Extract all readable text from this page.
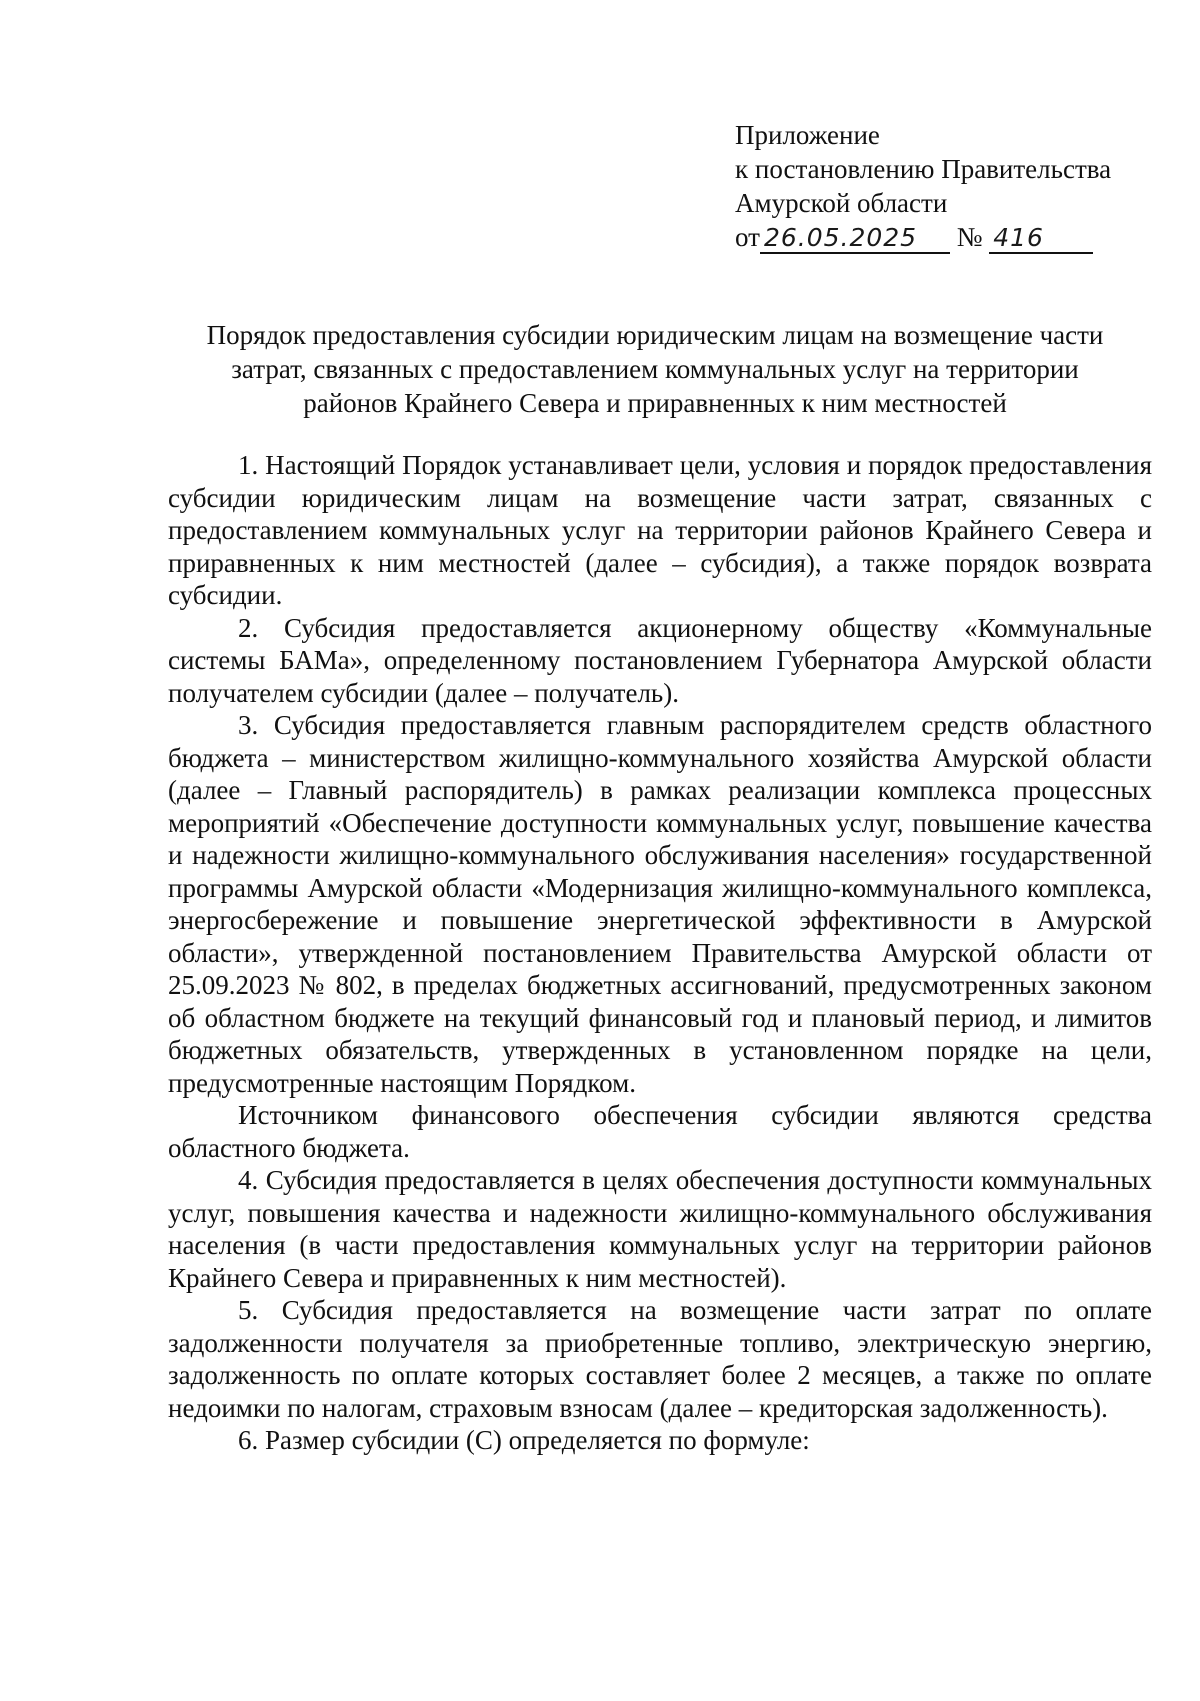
Приложение
к постановлению Правительства
Амурской области
от 26.05.2025 № 416
Порядок предоставления субсидии юридическим лицам на возмещение части
затрат, связанных с предоставлением коммунальных услуг на территории
районов Крайнего Севера и приравненных к ним местностей

1. Настоящий Порядок устанавливает цели, условия и порядок предоставления субсидии юридическим лицам на возмещение части затрат, связанных с предоставлением коммунальных услуг на территории районов Крайнего Севера и приравненных к ним местностей (далее – субсидия), а также порядок возврата субсидии.

2. Субсидия предоставляется акционерному обществу «Коммунальные системы БАМа», определенному постановлением Губернатора Амурской области получателем субсидии (далее – получатель).

3. Субсидия предоставляется главным распорядителем средств областного бюджета – министерством жилищно-коммунального хозяйства Амурской области (далее – Главный распорядитель) в рамках реализации комплекса процессных мероприятий «Обеспечение доступности коммунальных услуг, повышение качества и надежности жилищно-коммунального обслуживания населения» государственной программы Амурской области «Модернизация жилищно-коммунального комплекса, энергосбережение и повышение энергетической эффективности в Амурской области», утвержденной постановлением Правительства Амурской области от 25.09.2023 № 802, в пределах бюджетных ассигнований, предусмотренных законом об областном бюджете на текущий финансовый год и плановый период, и лимитов бюджетных обязательств, утвержденных в установленном порядке на цели, предусмотренные настоящим Порядком.

Источником финансового обеспечения субсидии являются средства областного бюджета.

4. Субсидия предоставляется в целях обеспечения доступности коммунальных услуг, повышения качества и надежности жилищно-коммунального обслуживания населения (в части предоставления коммунальных услуг на территории районов Крайнего Севера и приравненных к ним местностей).

5. Субсидия предоставляется на возмещение части затрат по оплате задолженности получателя за приобретенные топливо, электрическую энергию, задолженность по оплате которых составляет более 2 месяцев, а также по оплате недоимки по налогам, страховым взносам (далее – кредиторская задолженность).

6. Размер субсидии (С) определяется по формуле:
